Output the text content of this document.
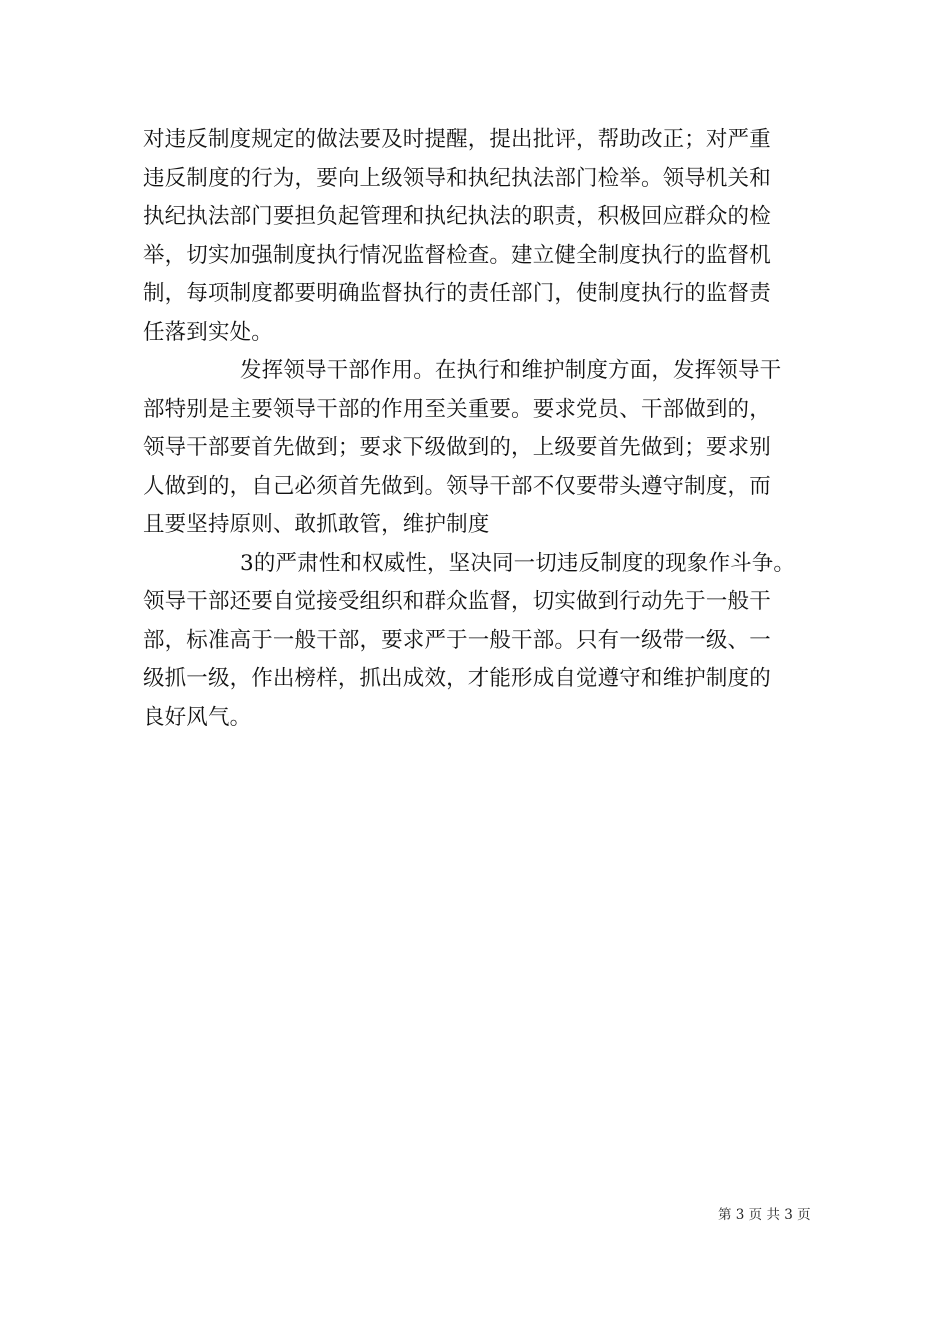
对违反制度规定的做法要及时提醒，提出批评，帮助改正；对严重
违反制度的行为，要向上级领导和执纪执法部门检举。领导机关和
执纪执法部门要担负起管理和执纪执法的职责，积极回应群众的检
举，切实加强制度执行情况监督检查。建立健全制度执行的监督机
制，每项制度都要明确监督执行的责任部门，使制度执行的监督责
任落到实处。
发挥领导干部作用。在执行和维护制度方面，发挥领导干
部特别是主要领导干部的作用至关重要。要求党员、干部做到的，
领导干部要首先做到；要求下级做到的，上级要首先做到；要求别
人做到的，自己必须首先做到。领导干部不仅要带头遵守制度，而
且要坚持原则、敢抓敢管，维护制度
3的严肃性和权威性，坚决同一切违反制度的现象作斗争。
领导干部还要自觉接受组织和群众监督，切实做到行动先于一般干
部，标准高于一般干部，要求严于一般干部。只有一级带一级、一
级抓一级，作出榜样，抓出成效，才能形成自觉遵守和维护制度的
良好风气。
第 3 页 共 3 页
